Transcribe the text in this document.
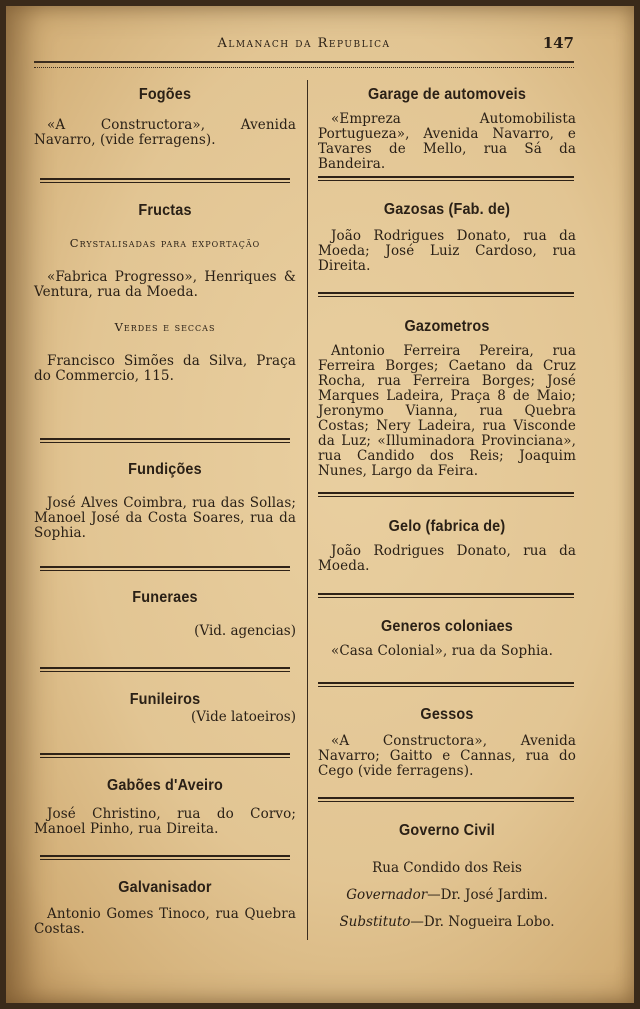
Almanach da Republica	147
Fogões

«A Constructora», Avenida Navarro, (vide ferragens).

Fructas

Crystalisadas para exportação

«Fabrica Progresso», Henriques & Ventura, rua da Moeda.

Verdes e seccas

Francisco Simões da Silva, Praça do Commercio, 115.

Fundições

José Alves Coimbra, rua das Sollas; Manoel José da Costa Soares, rua da Sophia.

Funeraes

(Vid. agencias)

Funileiros

(Vide latoeiros)

Gabões d'Aveiro

José Christino, rua do Corvo; Manoel Pinho, rua Direita.

Galvanisador

Antonio Gomes Tinoco, rua Quebra Costas.

Garage de automoveis

«Empreza Automobilista Portugueza», Avenida Navarro, e Tavares de Mello, rua Sá da Bandeira.

Gazosas (Fab. de)

João Rodrigues Donato, rua da Moeda; José Luiz Cardoso, rua Direita.

Gazometros

Antonio Ferreira Pereira, rua Ferreira Borges; Caetano da Cruz Rocha, rua Ferreira Borges; José Marques Ladeira, Praça 8 de Maio; Jeronymo Vianna, rua Quebra Costas; Nery Ladeira, rua Visconde da Luz; «Illuminadora Provinciana», rua Candido dos Reis; Joaquim Nunes, Largo da Feira.

Gelo (fabrica de)

João Rodrigues Donato, rua da Moeda.

Generos coloniaes

«Casa Colonial», rua da Sophia.

Gessos

«A Constructora», Avenida Navarro; Gaitto e Cannas, rua do Cego (vide ferragens).

Governo Civil

Rua Condido dos Reis

Governador—Dr. José Jardim.

Substituto—Dr. Nogueira Lobo.
